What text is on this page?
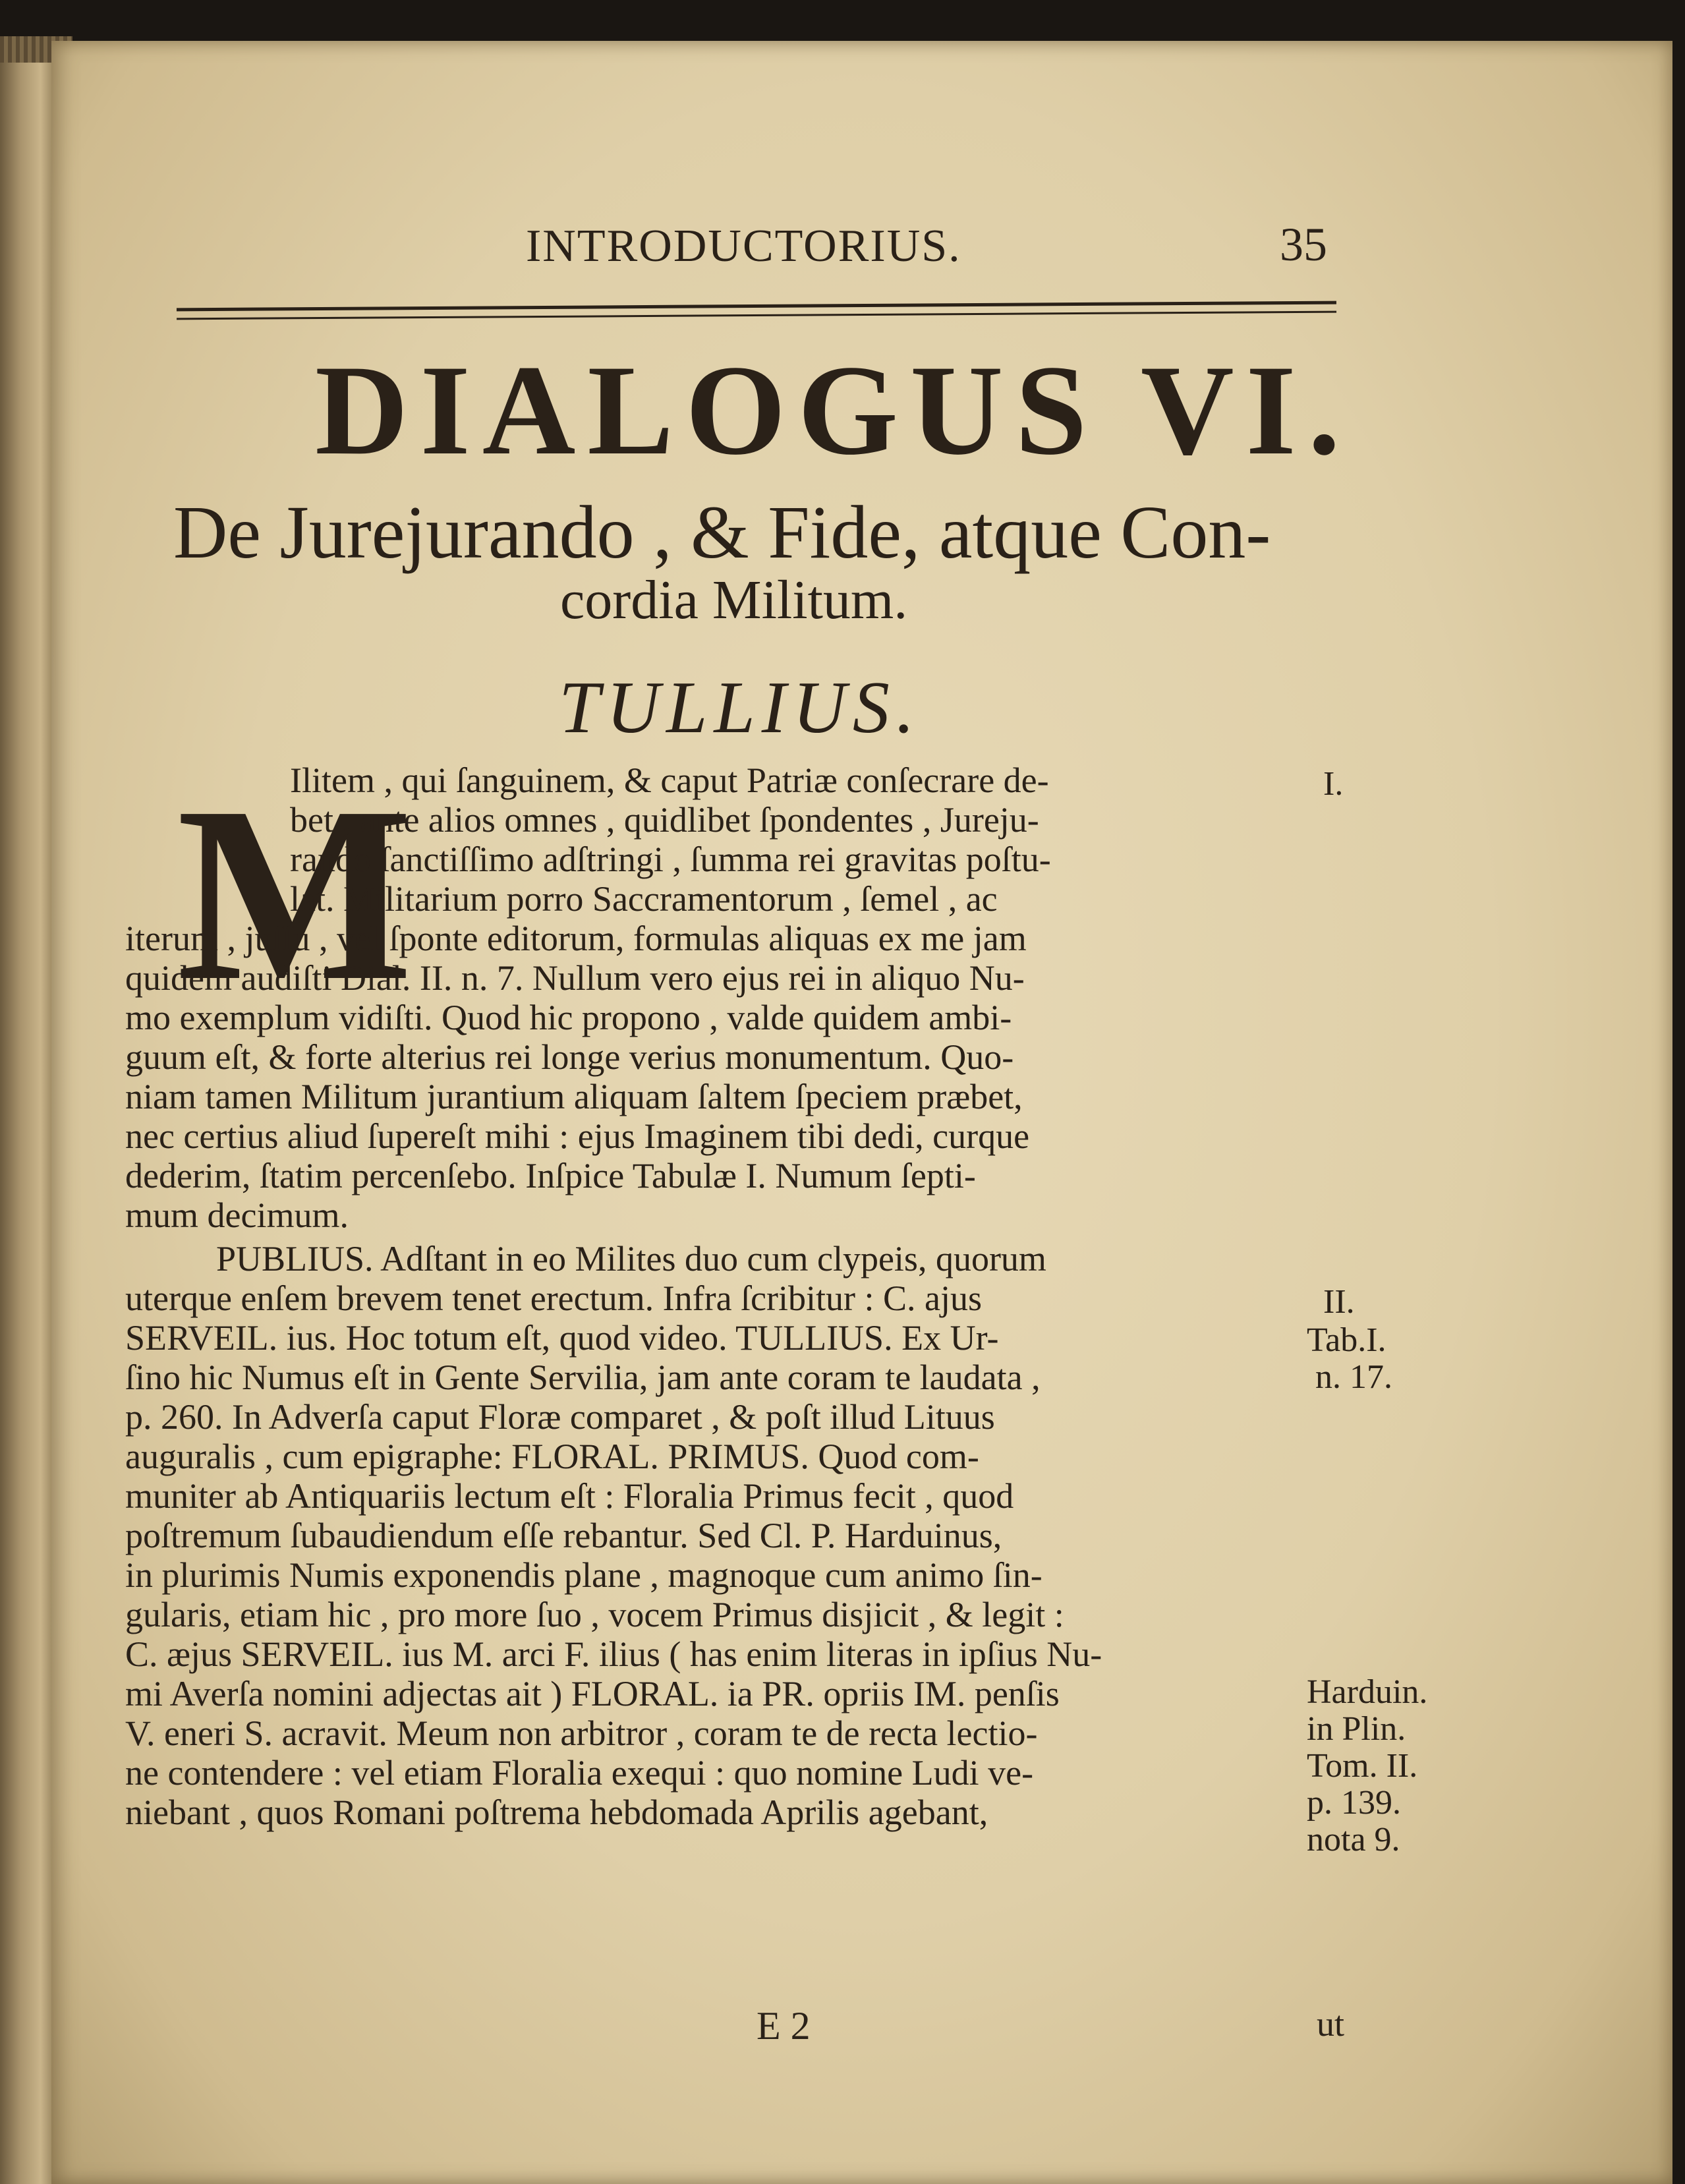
INTRODUCTORIUS.	35
DIALOGUS VI.
De Jurejurando , & Fide, atque Con-
cordia Militum.
TULLIUS.
M
Ilitem , qui ſanguinem, & caput Patriæ conſecrare de-
bet , ante alios omnes , quidlibet ſpondentes , Jureju-
rando ſanctiſſimo adſtringi , ſumma rei gravitas poſtu-
lat. Militarium porro Saccramentorum , ſemel , ac
iterum , juſſu , vel ſponte editorum, formulas aliquas ex me jam
quidem audiſti Dial. II. n. 7. Nullum vero ejus rei in aliquo Nu-
mo exemplum vidiſti. Quod hic propono , valde quidem ambi-
guum eſt, & forte alterius rei longe verius monumentum. Quo-
niam tamen Militum jurantium aliquam ſaltem ſpeciem præbet,
nec certius aliud ſupereſt mihi : ejus Imaginem tibi dedi, curque
dederim, ſtatim percenſebo. Inſpice Tabulæ I. Numum ſepti-
mum decimum.
PUBLIUS. Adſtant in eo Milites duo cum clypeis, quorum
uterque enſem brevem tenet erectum. Infra ſcribitur : C. ajus
SERVEIL. ius. Hoc totum eſt, quod video. TULLIUS. Ex Ur-
ſino hic Numus eſt in Gente Servilia, jam ante coram te laudata ,
p. 260. In Adverſa caput Floræ comparet , & poſt illud Lituus
auguralis , cum epigraphe: FLORAL. PRIMUS. Quod com-
muniter ab Antiquariis lectum eſt : Floralia Primus fecit , quod
poſtremum ſubaudiendum eſſe rebantur. Sed Cl. P. Harduinus,
in plurimis Numis exponendis plane , magnoque cum animo ſin-
gularis, etiam hic , pro more ſuo , vocem Primus disjicit , & legit :
C. æjus SERVEIL. ius M. arci F. ilius ( has enim literas in ipſius Nu-
mi Averſa nomini adjectas ait ) FLORAL. ia PR. opriis IM. penſis
V. eneri S. acravit. Meum non arbitror , coram te de recta lectio-
ne contendere : vel etiam Floralia exequi : quo nomine Ludi ve-
niebant , quos Romani poſtrema hebdomada Aprilis agebant,
I.
II.
Tab.I.
n. 17.
Harduin.
in Plin.
Tom. II.
p. 139.
nota 9.
E 2	ut
